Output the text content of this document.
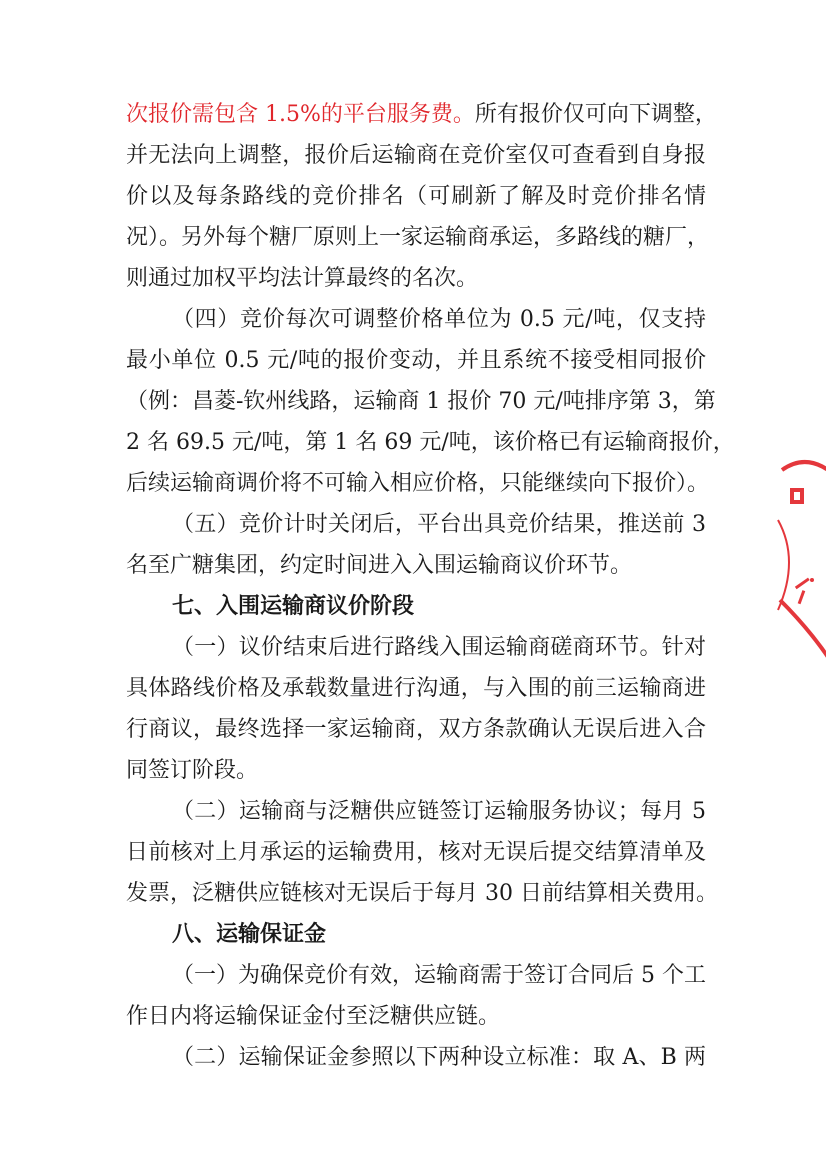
次报价需包含 1.5%的平台服务费。所有报价仅可向下调整，
并无法向上调整，报价后运输商在竞价室仅可查看到自身报
价以及每条路线的竞价排名（可刷新了解及时竞价排名情
况）。另外每个糖厂原则上一家运输商承运，多路线的糖厂，
则通过加权平均法计算最终的名次。
（四）竞价每次可调整价格单位为 0.5 元/吨，仅支持
最小单位 0.5 元/吨的报价变动，并且系统不接受相同报价
（例：昌菱-钦州线路，运输商 1 报价 70 元/吨排序第 3，第
2 名 69.5 元/吨，第 1 名 69 元/吨，该价格已有运输商报价，
后续运输商调价将不可输入相应价格，只能继续向下报价）。
（五）竞价计时关闭后，平台出具竞价结果，推送前 3
名至广糖集团，约定时间进入入围运输商议价环节。
七、入围运输商议价阶段
（一）议价结束后进行路线入围运输商磋商环节。针对
具体路线价格及承载数量进行沟通，与入围的前三运输商进
行商议，最终选择一家运输商，双方条款确认无误后进入合
同签订阶段。
（二）运输商与泛糖供应链签订运输服务协议；每月 5
日前核对上月承运的运输费用，核对无误后提交结算清单及
发票，泛糖供应链核对无误后于每月 30 日前结算相关费用。
八、运输保证金
（一）为确保竞价有效，运输商需于签订合同后 5 个工
作日内将运输保证金付至泛糖供应链。
（二）运输保证金参照以下两种设立标准：取 A、B 两
